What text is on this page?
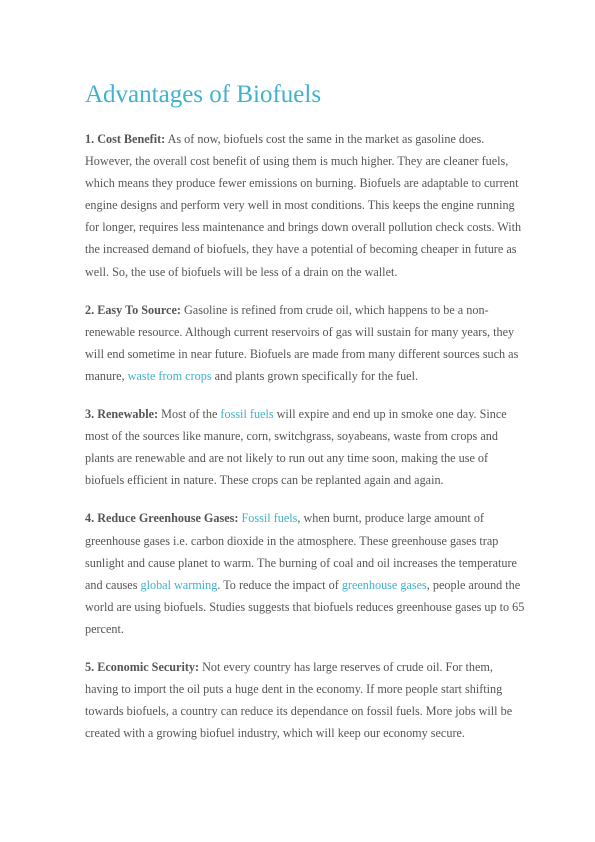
Advantages of Biofuels

1. Cost Benefit: As of now, biofuels cost the same in the market as gasoline does. However, the overall cost benefit of using them is much higher. They are cleaner fuels, which means they produce fewer emissions on burning. Biofuels are adaptable to current engine designs and perform very well in most conditions. This keeps the engine running for longer, requires less maintenance and brings down overall pollution check costs. With the increased demand of biofuels, they have a potential of becoming cheaper in future as well. So, the use of biofuels will be less of a drain on the wallet.

2. Easy To Source: Gasoline is refined from crude oil, which happens to be a non-renewable resource. Although current reservoirs of gas will sustain for many years, they will end sometime in near future. Biofuels are made from many different sources such as manure, waste from crops and plants grown specifically for the fuel.

3. Renewable: Most of the fossil fuels will expire and end up in smoke one day. Since most of the sources like manure, corn, switchgrass, soyabeans, waste from crops and plants are renewable and are not likely to run out any time soon, making the use of biofuels efficient in nature. These crops can be replanted again and again.

4. Reduce Greenhouse Gases: Fossil fuels, when burnt, produce large amount of greenhouse gases i.e. carbon dioxide in the atmosphere. These greenhouse gases trap sunlight and cause planet to warm. The burning of coal and oil increases the temperature and causes global warming. To reduce the impact of greenhouse gases, people around the world are using biofuels. Studies suggests that biofuels reduces greenhouse gases up to 65 percent.

5. Economic Security: Not every country has large reserves of crude oil. For them, having to import the oil puts a huge dent in the economy. If more people start shifting towards biofuels, a country can reduce its dependance on fossil fuels. More jobs will be created with a growing biofuel industry, which will keep our economy secure.
